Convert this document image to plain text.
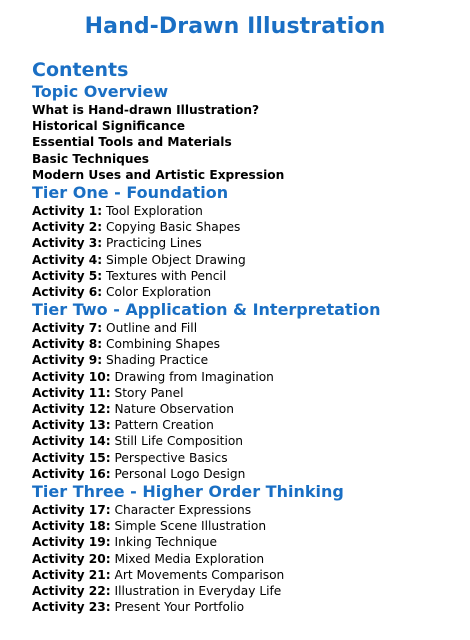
Hand-Drawn Illustration
Contents
Topic Overview
What is Hand-drawn Illustration?
Historical Significance
Essential Tools and Materials
Basic Techniques
Modern Uses and Artistic Expression
Tier One - Foundation
Activity 1: Tool Exploration
Activity 2: Copying Basic Shapes
Activity 3: Practicing Lines
Activity 4: Simple Object Drawing
Activity 5: Textures with Pencil
Activity 6: Color Exploration
Tier Two - Application & Interpretation
Activity 7: Outline and Fill
Activity 8: Combining Shapes
Activity 9: Shading Practice
Activity 10: Drawing from Imagination
Activity 11: Story Panel
Activity 12: Nature Observation
Activity 13: Pattern Creation
Activity 14: Still Life Composition
Activity 15: Perspective Basics
Activity 16: Personal Logo Design
Tier Three - Higher Order Thinking
Activity 17: Character Expressions
Activity 18: Simple Scene Illustration
Activity 19: Inking Technique
Activity 20: Mixed Media Exploration
Activity 21: Art Movements Comparison
Activity 22: Illustration in Everyday Life
Activity 23: Present Your Portfolio
